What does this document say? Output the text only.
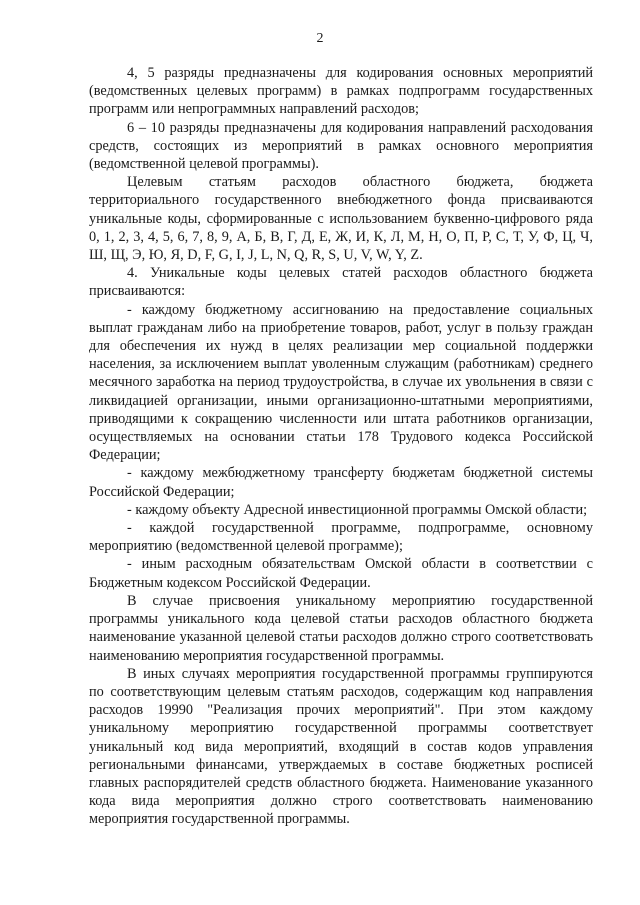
2

4, 5 разряды предназначены для кодирования основных мероприятий (ведомственных целевых программ) в рамках подпрограмм государственных программ или непрограммных направлений расходов;

6 – 10 разряды предназначены для кодирования направлений расходования средств, состоящих из мероприятий в рамках основного мероприятия (ведомственной целевой программы).

Целевым статьям расходов областного бюджета, бюджета территориального государственного внебюджетного фонда присваиваются уникальные коды, сформированные с использованием буквенно-цифрового ряда 0, 1, 2, 3, 4, 5, 6, 7, 8, 9, А, Б, В, Г, Д, Е, Ж, И, К, Л, М, Н, О, П, Р, С, Т, У, Ф, Ц, Ч, Ш, Щ, Э, Ю, Я, D, F, G, I, J, L, N, Q, R, S, U, V, W, Y, Z.

4. Уникальные коды целевых статей расходов областного бюджета присваиваются:

- каждому бюджетному ассигнованию на предоставление социальных выплат гражданам либо на приобретение товаров, работ, услуг в пользу граждан для обеспечения их нужд в целях реализации мер социальной поддержки населения, за исключением выплат уволенным служащим (работникам) среднего месячного заработка на период трудоустройства, в случае их увольнения в связи с ликвидацией организации, иными организационно-штатными мероприятиями, приводящими к сокращению численности или штата работников организации, осуществляемых на основании статьи 178 Трудового кодекса Российской Федерации;

- каждому межбюджетному трансферту бюджетам бюджетной системы Российской Федерации;

- каждому объекту Адресной инвестиционной программы Омской области;

- каждой государственной программе, подпрограмме, основному мероприятию (ведомственной целевой программе);

- иным расходным обязательствам Омской области в соответствии с Бюджетным кодексом Российской Федерации.

В случае присвоения уникальному мероприятию государственной программы уникального кода целевой статьи расходов областного бюджета наименование указанной целевой статьи расходов должно строго соответствовать наименованию мероприятия государственной программы.

В иных случаях мероприятия государственной программы группируются по соответствующим целевым статьям расходов, содержащим код направления расходов 19990 "Реализация прочих мероприятий". При этом каждому уникальному мероприятию государственной программы соответствует уникальный код вида мероприятий, входящий в состав кодов управления региональными финансами, утверждаемых в составе бюджетных росписей главных распорядителей средств областного бюджета. Наименование указанного кода вида мероприятия должно строго соответствовать наименованию мероприятия государственной программы.
